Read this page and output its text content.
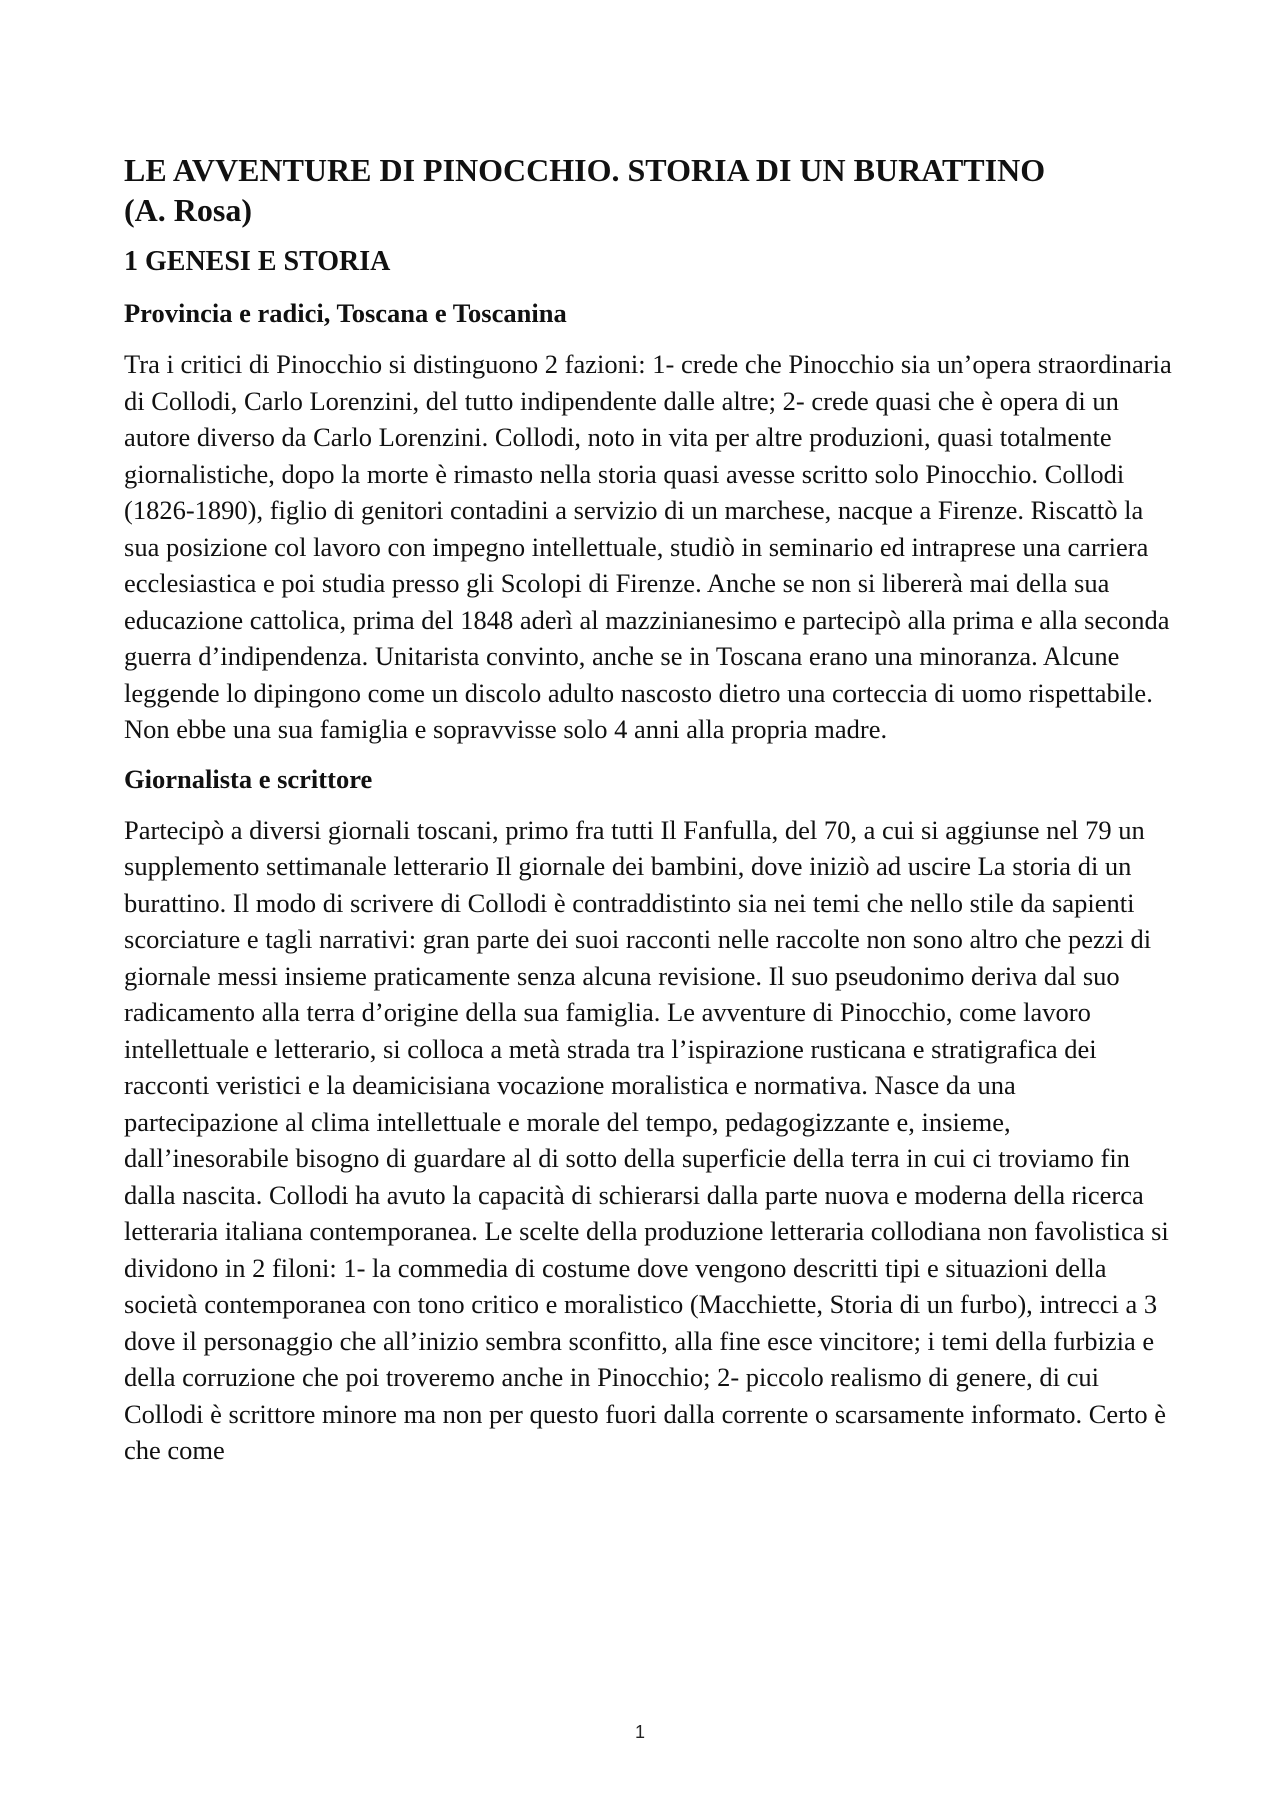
LE AVVENTURE DI PINOCCHIO. STORIA DI UN BURATTINO
(A. Rosa)
1 GENESI E STORIA
Provincia e radici, Toscana e Toscanina

Tra i critici di Pinocchio si distinguono 2 fazioni: 1- crede che Pinocchio sia un’opera straordinaria di Collodi, Carlo Lorenzini, del tutto indipendente dalle altre; 2- crede quasi che è opera di un autore diverso da Carlo Lorenzini. Collodi, noto in vita per altre produzioni, quasi totalmente giornalistiche, dopo la morte è rimasto nella storia quasi avesse scritto solo Pinocchio. Collodi (1826-1890), figlio di genitori contadini a servizio di un marchese, nacque a Firenze. Riscattò la sua posizione col lavoro con impegno intellettuale, studiò in seminario ed intraprese una carriera ecclesiastica e poi studia presso gli Scolopi di Firenze. Anche se non si libererà mai della sua educazione cattolica, prima del 1848 aderì al mazzinianesimo e partecipò alla prima e alla seconda guerra d’indipendenza. Unitarista convinto, anche se in Toscana erano una minoranza. Alcune leggende lo dipingono come un discolo adulto nascosto dietro una corteccia di uomo rispettabile. Non ebbe una sua famiglia e sopravvisse solo 4 anni alla propria madre.

Giornalista e scrittore

Partecipò a diversi giornali toscani, primo fra tutti Il Fanfulla, del 70, a cui si aggiunse nel 79 un supplemento settimanale letterario Il giornale dei bambini, dove iniziò ad uscire La storia di un burattino. Il modo di scrivere di Collodi è contraddistinto sia nei temi che nello stile da sapienti scorciature e tagli narrativi: gran parte dei suoi racconti nelle raccolte non sono altro che pezzi di giornale messi insieme praticamente senza alcuna revisione. Il suo pseudonimo deriva dal suo radicamento alla terra d’origine della sua famiglia. Le avventure di Pinocchio, come lavoro intellettuale e letterario, si colloca a metà strada tra l’ispirazione rusticana e stratigrafica dei racconti veristici e la deamicisiana vocazione moralistica e normativa. Nasce da una partecipazione al clima intellettuale e morale del tempo, pedagogizzante e, insieme, dall’inesorabile bisogno di guardare al di sotto della superficie della terra in cui ci troviamo fin dalla nascita. Collodi ha avuto la capacità di schierarsi dalla parte nuova e moderna della ricerca letteraria italiana contemporanea. Le scelte della produzione letteraria collodiana non favolistica si dividono in 2 filoni: 1- la commedia di costume dove vengono descritti tipi e situazioni della società contemporanea con tono critico e moralistico (Macchiette, Storia di un furbo), intrecci a 3 dove il personaggio che all’inizio sembra sconfitto, alla fine esce vincitore; i temi della furbizia e della corruzione che poi troveremo anche in Pinocchio; 2- piccolo realismo di genere, di cui Collodi è scrittore minore ma non per questo fuori dalla corrente o scarsamente informato. Certo è che come

1
